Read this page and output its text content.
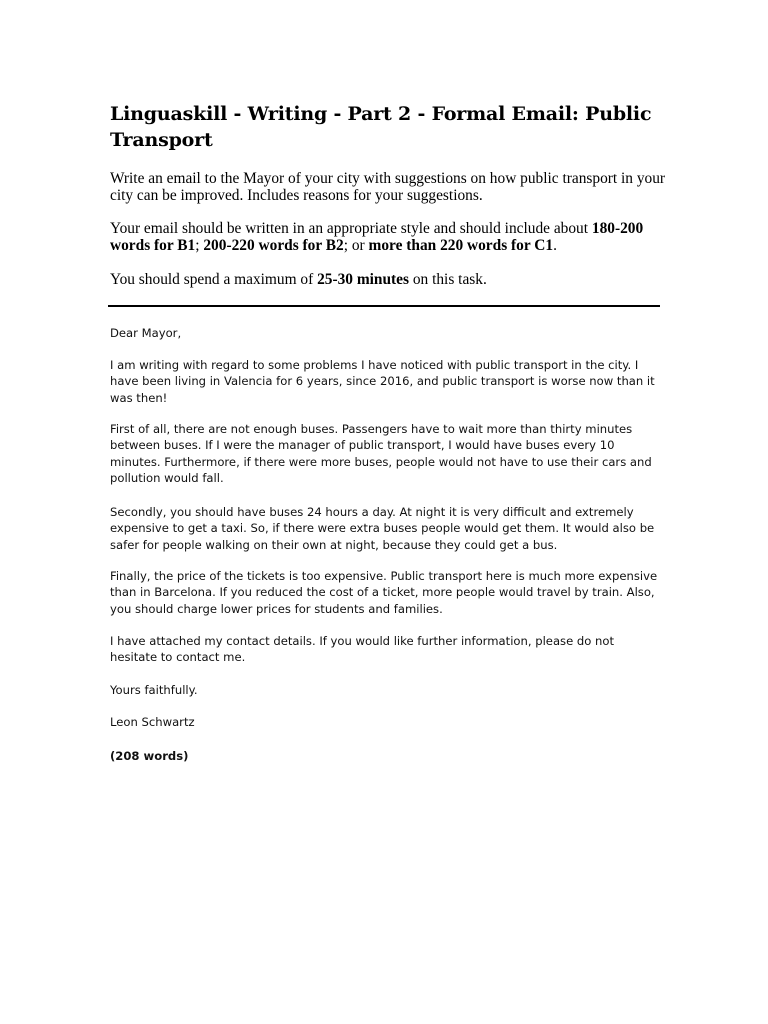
Linguaskill - Writing - Part 2 - Formal Email: Public Transport

Write an email to the Mayor of your city with suggestions on how public transport in your city can be improved. Includes reasons for your suggestions.

Your email should be written in an appropriate style and should include about 180-200 words for B1; 200-220 words for B2; or more than 220 words for C1.

You should spend a maximum of 25-30 minutes on this task.

Dear Mayor,

I am writing with regard to some problems I have noticed with public transport in the city. I have been living in Valencia for 6 years, since 2016, and public transport is worse now than it was then!

First of all, there are not enough buses. Passengers have to wait more than thirty minutes between buses. If I were the manager of public transport, I would have buses every 10 minutes. Furthermore, if there were more buses, people would not have to use their cars and pollution would fall.

Secondly, you should have buses 24 hours a day. At night it is very difficult and extremely expensive to get a taxi. So, if there were extra buses people would get them. It would also be safer for people walking on their own at night, because they could get a bus.

Finally, the price of the tickets is too expensive. Public transport here is much more expensive than in Barcelona. If you reduced the cost of a ticket, more people would travel by train. Also, you should charge lower prices for students and families.

I have attached my contact details. If you would like further information, please do not hesitate to contact me.

Yours faithfully.

Leon Schwartz

(208 words)
